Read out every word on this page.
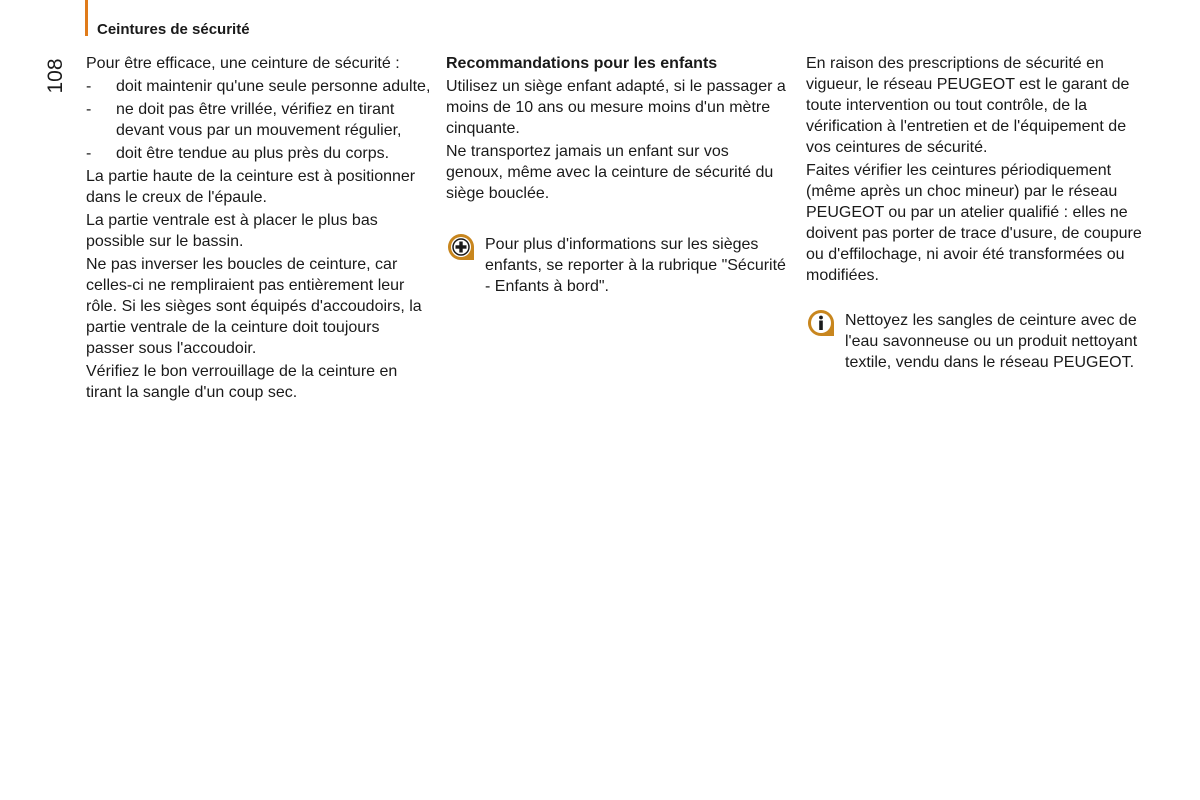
Ceintures de sécurité
108	Pour être efficace, une ceinture de sécurité :

- doit maintenir qu'une seule personne adulte,
- ne doit pas être vrillée, vérifiez en tirant devant vous par un mouvement régulier,
- doit être tendue au plus près du corps.

La partie haute de la ceinture est à positionner dans le creux de l'épaule.

La partie ventrale est à placer le plus bas possible sur le bassin.

Ne pas inverser les boucles de ceinture, car celles-ci ne rempliraient pas entièrement leur rôle. Si les sièges sont équipés d'accoudoirs, la partie ventrale de la ceinture doit toujours passer sous l'accoudoir.

Vérifiez le bon verrouillage de la ceinture en tirant la sangle d'un coup sec.

Recommandations pour les enfants

Utilisez un siège enfant adapté, si le passager a moins de 10 ans ou mesure moins d'un mètre cinquante.

Ne transportez jamais un enfant sur vos genoux, même avec la ceinture de sécurité du siège bouclée.

Pour plus d'informations sur les sièges enfants, se reporter à la rubrique "Sécurité - Enfants à bord".

En raison des prescriptions de sécurité en vigueur, le réseau PEUGEOT est le garant de toute intervention ou tout contrôle, de la vérification à l'entretien et de l'équipement de vos ceintures de sécurité.

Faites vérifier les ceintures périodiquement (même après un choc mineur) par le réseau PEUGEOT ou par un atelier qualifié : elles ne doivent pas porter de trace d'usure, de coupure ou d'effilochage, ni avoir été transformées ou modifiées.

Nettoyez les sangles de ceinture avec de l'eau savonneuse ou un produit nettoyant textile, vendu dans le réseau PEUGEOT.
